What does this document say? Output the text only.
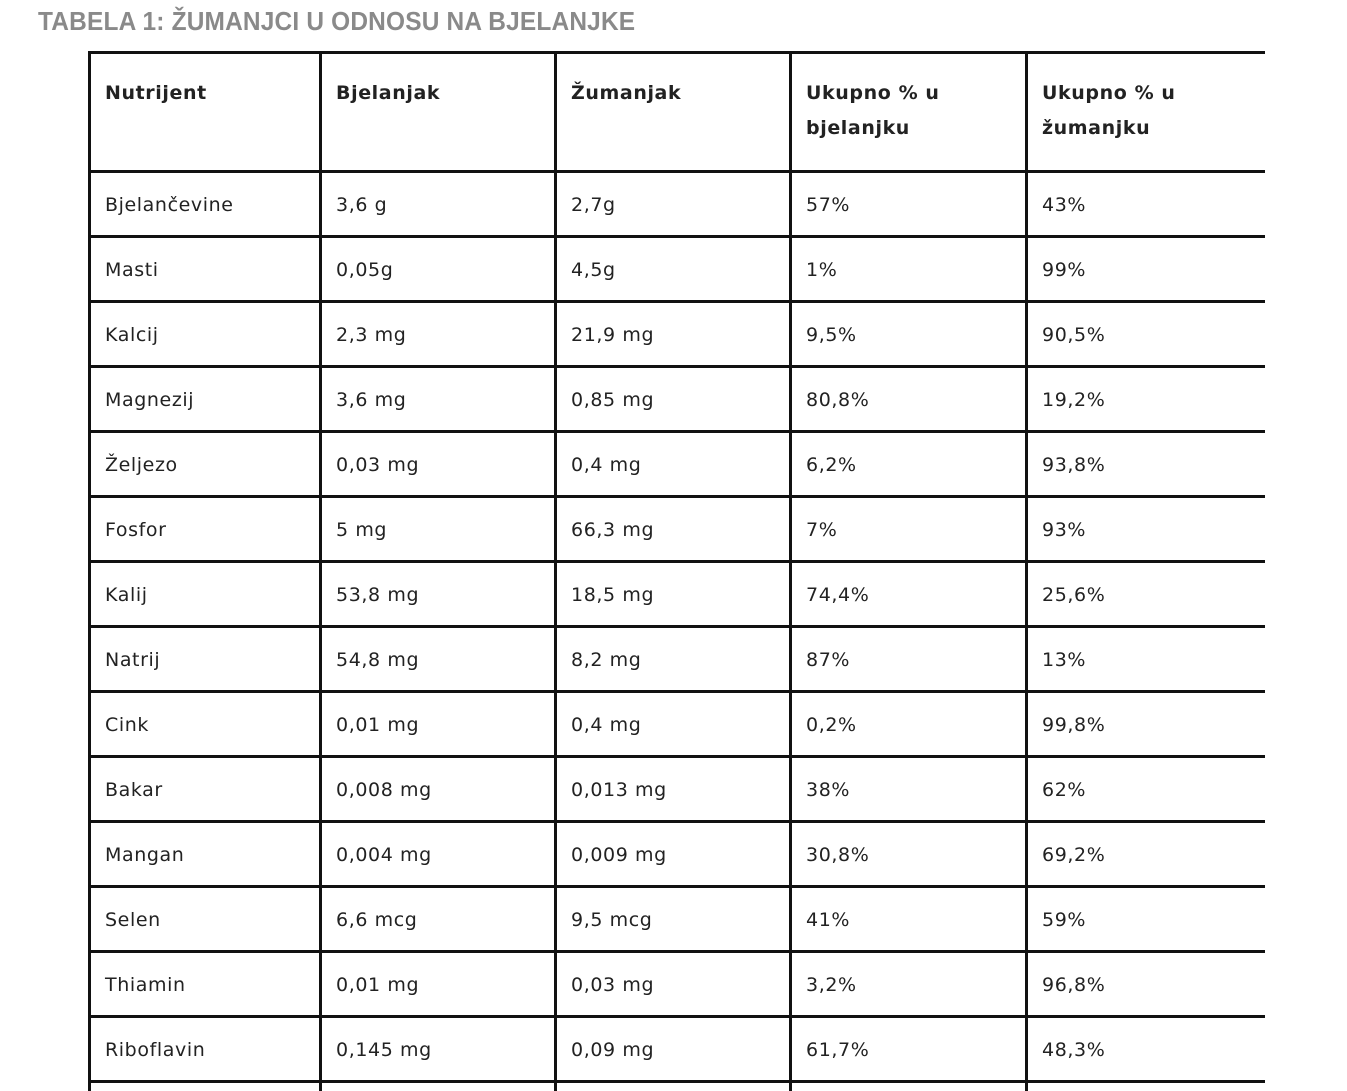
TABELA 1: ŽUMANJCI U ODNOSU NA BJELANJKE
Nutrijent	Bjelanjak	Žumanjak	Ukupno % u bjelanjku	Ukupno % u žumanjku
Bjelančevine	3,6 g	2,7g	57%	43%
Masti	0,05g	4,5g	1%	99%
Kalcij	2,3 mg	21,9 mg	9,5%	90,5%
Magnezij	3,6 mg	0,85 mg	80,8%	19,2%
Željezo	0,03 mg	0,4 mg	6,2%	93,8%
Fosfor	5 mg	66,3 mg	7%	93%
Kalij	53,8 mg	18,5 mg	74,4%	25,6%
Natrij	54,8 mg	8,2 mg	87%	13%
Cink	0,01 mg	0,4 mg	0,2%	99,8%
Bakar	0,008 mg	0,013 mg	38%	62%
Mangan	0,004 mg	0,009 mg	30,8%	69,2%
Selen	6,6 mcg	9,5 mcg	41%	59%
Thiamin	0,01 mg	0,03 mg	3,2%	96,8%
Riboflavin	0,145 mg	0,09 mg	61,7%	48,3%
